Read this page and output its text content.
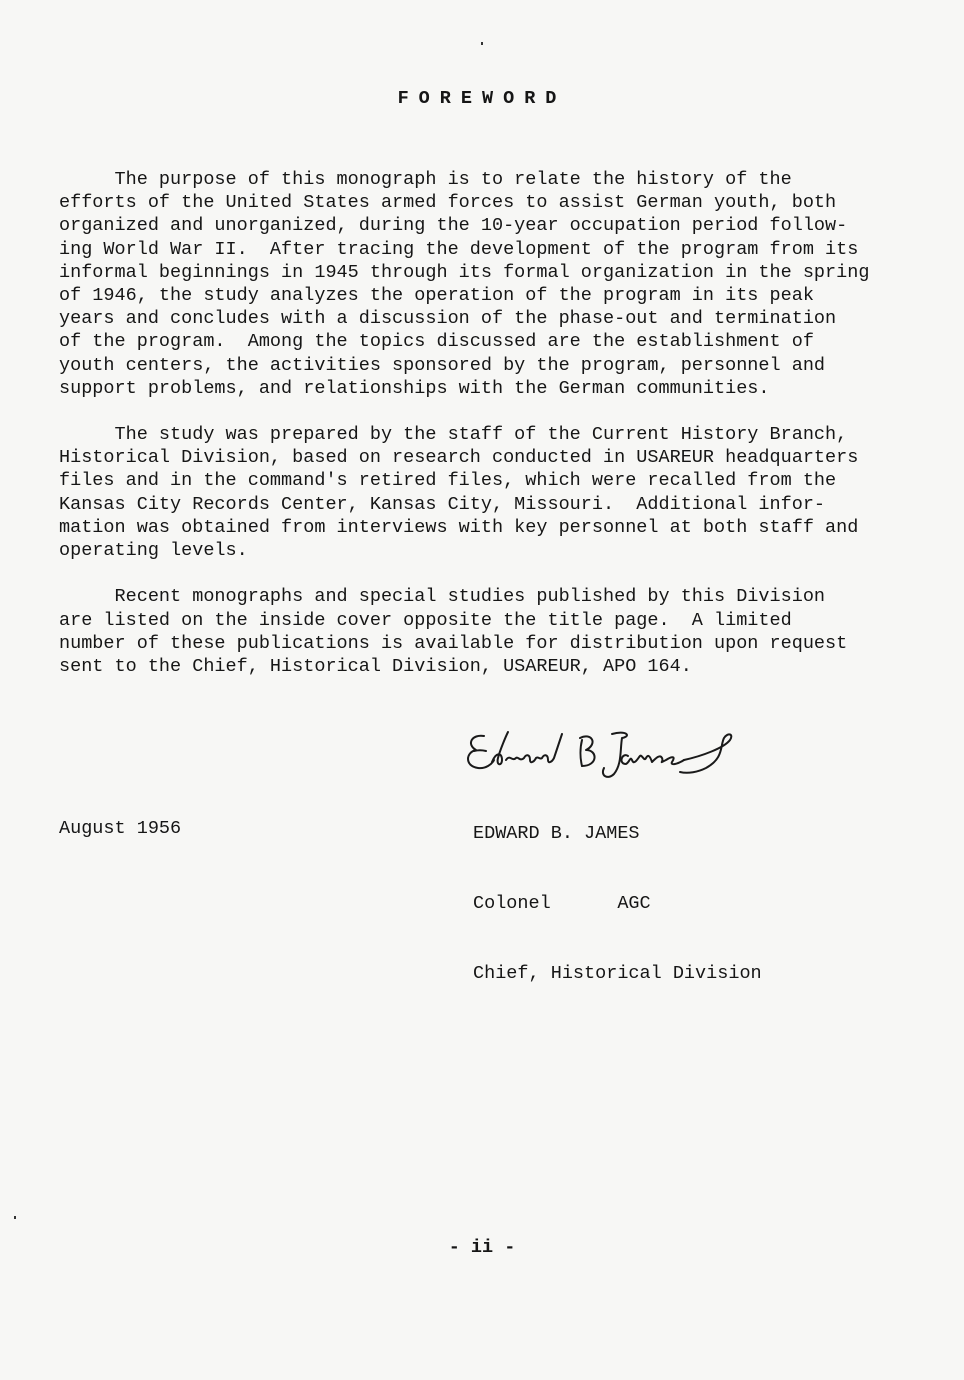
FOREWORD
The purpose of this monograph is to relate the history of the
efforts of the United States armed forces to assist German youth, both
organized and unorganized, during the 10-year occupation period follow-
ing World War II.  After tracing the development of the program from its
informal beginnings in 1945 through its formal organization in the spring
of 1946, the study analyzes the operation of the program in its peak
years and concludes with a discussion of the phase-out and termination
of the program.  Among the topics discussed are the establishment of
youth centers, the activities sponsored by the program, personnel and
support problems, and relationships with the German communities.
The study was prepared by the staff of the Current History Branch,
Historical Division, based on research conducted in USAREUR headquarters
files and in the command's retired files, which were recalled from the
Kansas City Records Center, Kansas City, Missouri.  Additional infor-
mation was obtained from interviews with key personnel at both staff and
operating levels.
Recent monographs and special studies published by this Division
are listed on the inside cover opposite the title page.  A limited
number of these publications is available for distribution upon request
sent to the Chief, Historical Division, USAREUR, APO 164.

EDWARD B. JAMES

Colonel      AGC

Chief, Historical Division

August 1956
- ii -
